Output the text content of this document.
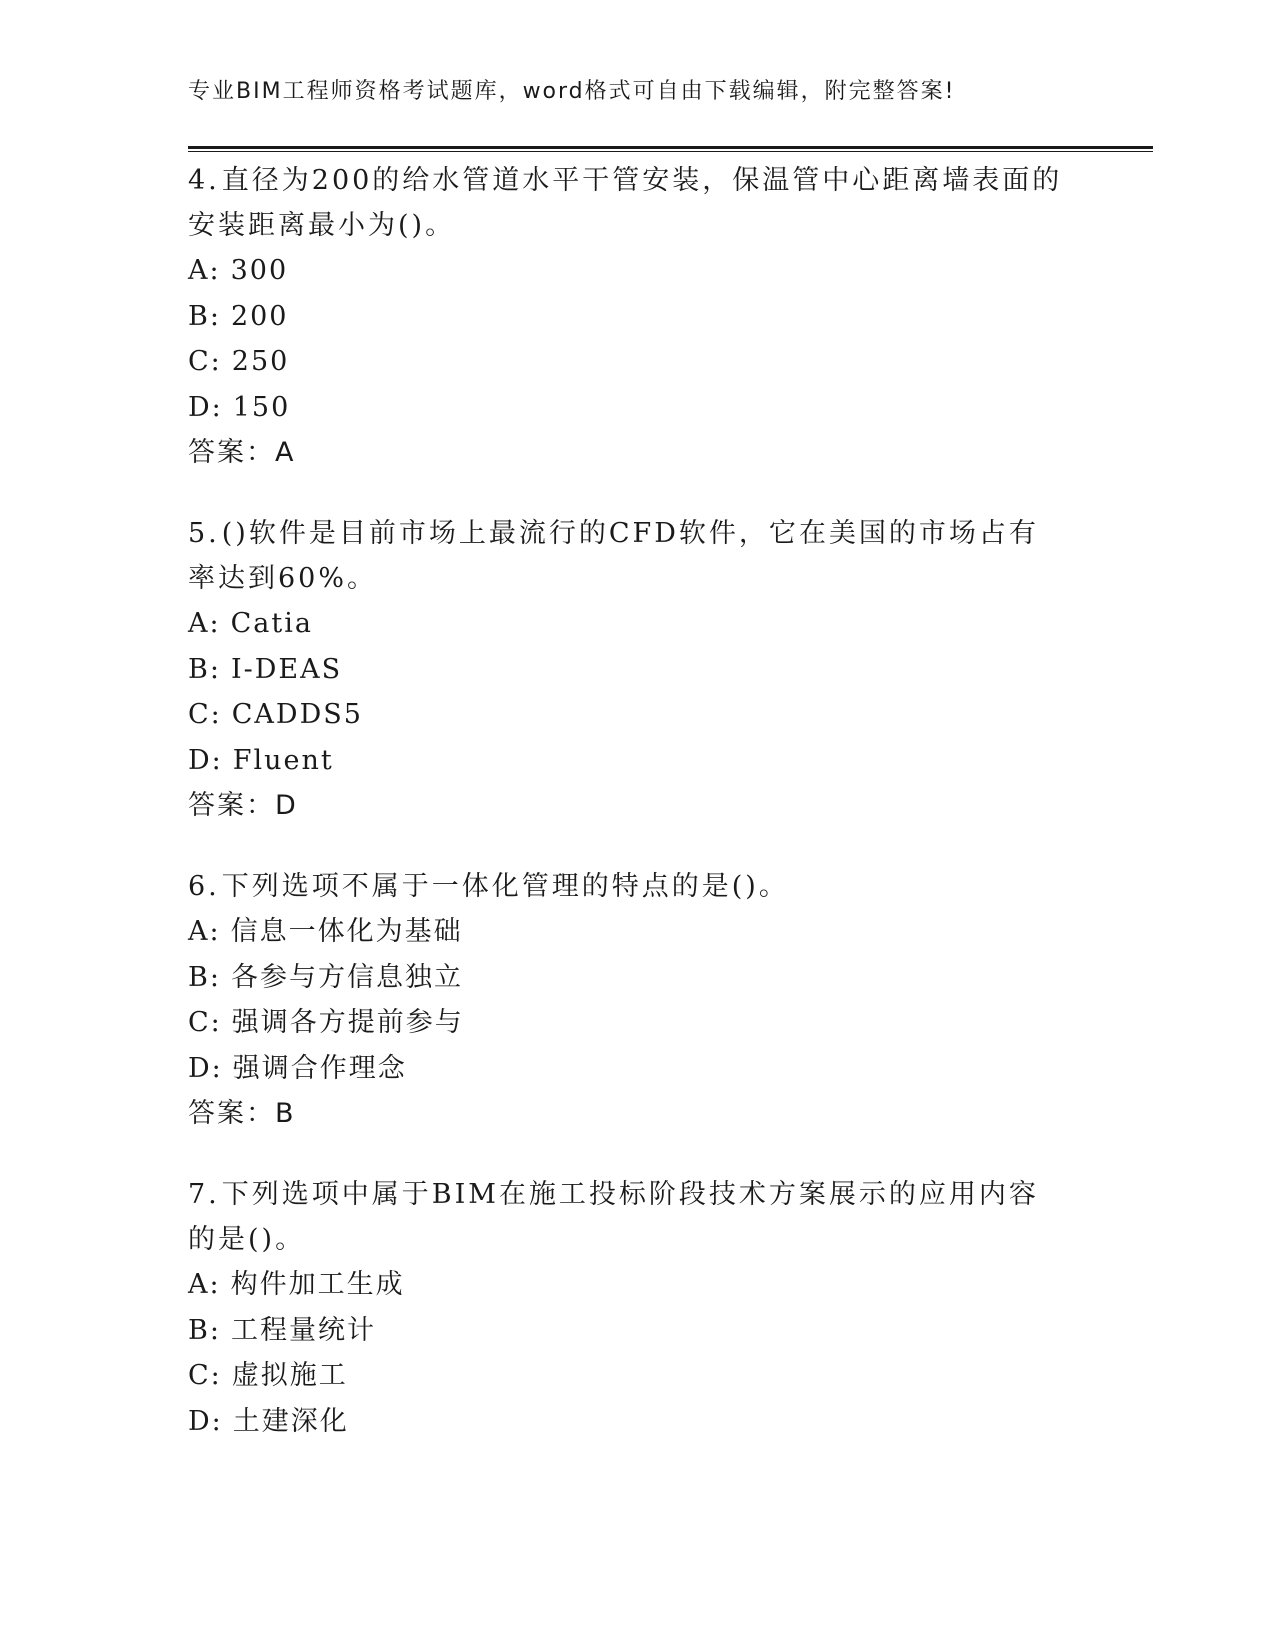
专业BIM工程师资格考试题库，word格式可自由下载编辑，附完整答案!

4.直径为200的给水管道水平干管安装，保温管中心距离墙表面的安装距离最小为()。

A: 300
B: 200
C: 250
D: 150
答案：A

5.()软件是目前市场上最流行的CFD软件，它在美国的市场占有率达到60%。

A: Catia
B: I-DEAS
C: CADDS5
D: Fluent
答案：D

6.下列选项不属于一体化管理的特点的是()。

A: 信息一体化为基础
B: 各参与方信息独立
C: 强调各方提前参与
D: 强调合作理念
答案：B

7.下列选项中属于BIM在施工投标阶段技术方案展示的应用内容的是()。

A: 构件加工生成
B: 工程量统计
C: 虚拟施工
D: 土建深化
